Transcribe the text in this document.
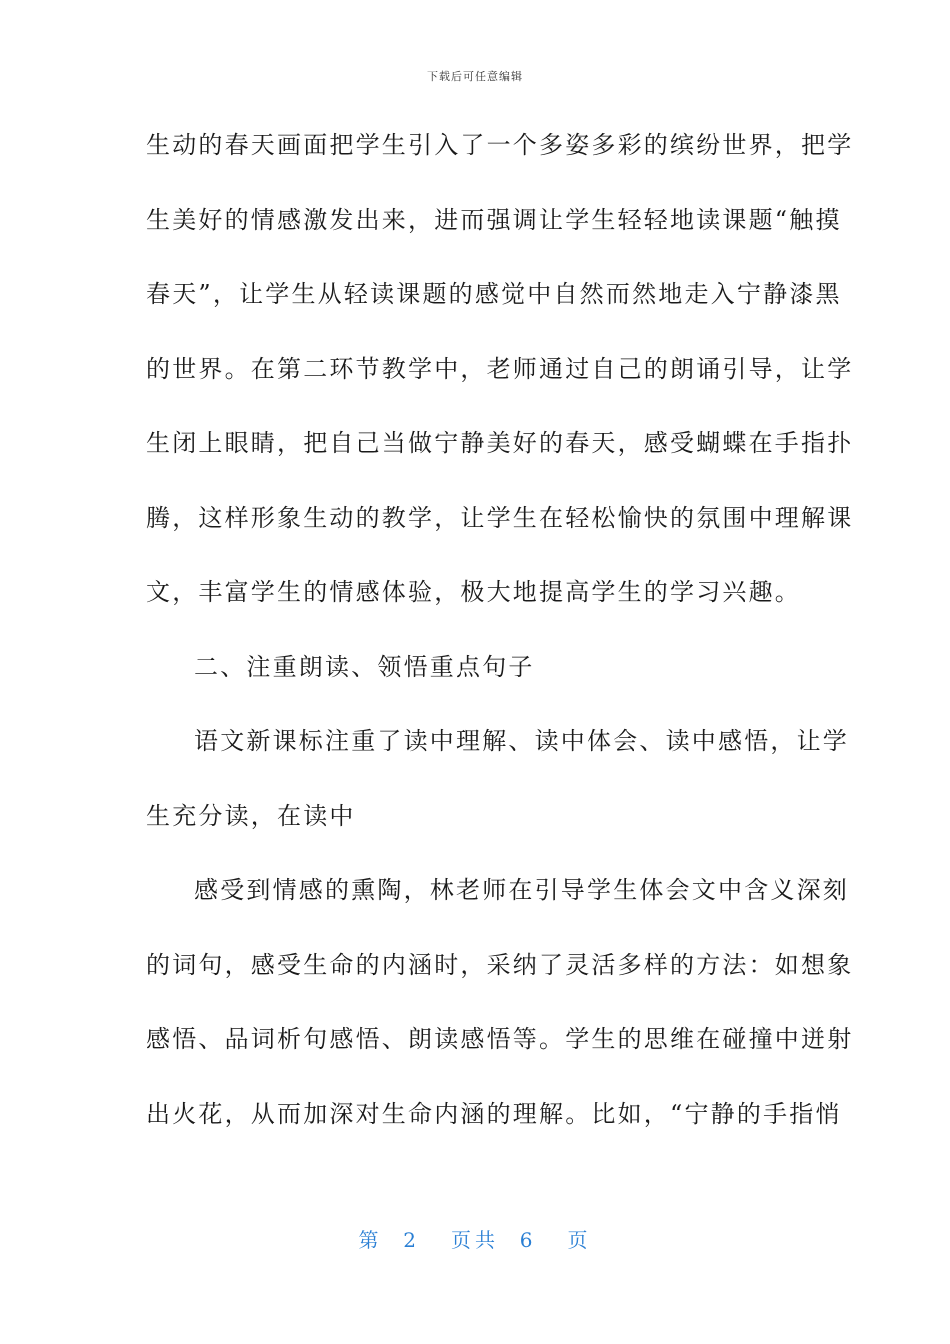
下载后可任意编辑
生动的春天画面把学生引入了一个多姿多彩的缤纷世界，把学
生美好的情感激发出来，进而强调让学生轻轻地读课题“触摸
春天”，让学生从轻读课题的感觉中自然而然地走入宁静漆黑
的世界。在第二环节教学中，老师通过自己的朗诵引导，让学
生闭上眼睛，把自己当做宁静美好的春天，感受蝴蝶在手指扑
腾，这样形象生动的教学，让学生在轻松愉快的氛围中理解课
文，丰富学生的情感体验，极大地提高学生的学习兴趣。
二、注重朗读、领悟重点句子
语文新课标注重了读中理解、读中体会、读中感悟，让学
生充分读，在读中
感受到情感的熏陶，林老师在引导学生体会文中含义深刻
的词句，感受生命的内涵时，采纳了灵活多样的方法：如想象
感悟、品词析句感悟、朗读感悟等。学生的思维在碰撞中迸射
出火花，从而加深对生命内涵的理解。比如，“宁静的手指悄
第 2 页共 6 页
